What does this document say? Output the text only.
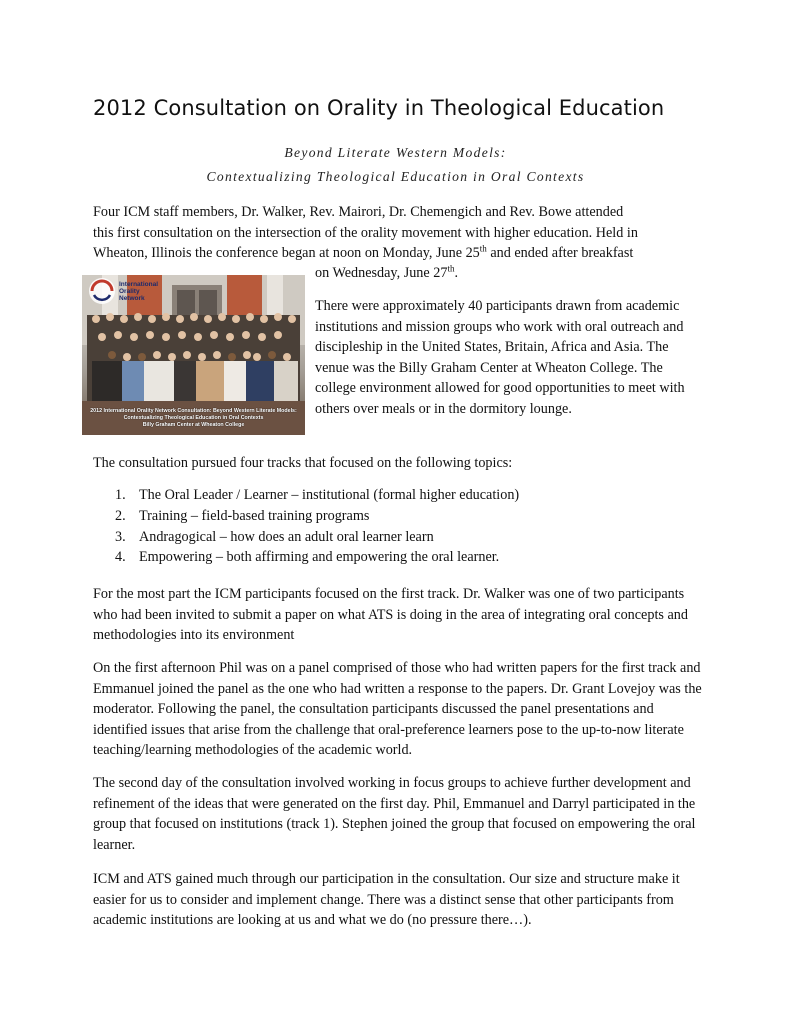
2012 Consultation on Orality in Theological Education
Beyond Literate Western Models:
Contextualizing Theological Education in Oral Contexts

Four ICM staff members, Dr. Walker, Rev. Mairori, Dr. Chemengich and Rev. Bowe attended
this first consultation on the intersection of the orality movement with higher education. Held in
Wheaton, Illinois the conference began at noon on Monday, June 25th and ended after breakfast

on Wednesday, June 27th.

International
Orality
Network
2012 International Orality Network Consultation: Beyond Western Literate Models:
Contextualizing Theological Education in Oral Contexts
Billy Graham Center at Wheaton College

There were approximately 40 participants drawn from academic institutions and mission groups who work with oral outreach and discipleship in the United States, Britain, Africa and Asia. The venue was the Billy Graham Center at Wheaton College. The college environment allowed for good opportunities to meet with others over meals or in the dormitory lounge.

The consultation pursued four tracks that focused on the following topics:

1. The Oral Leader / Learner – institutional (formal higher education)
2. Training – field-based training programs
3. Andragogical – how does an adult oral learner learn
4. Empowering – both affirming and empowering the oral learner.

For the most part the ICM participants focused on the first track. Dr. Walker was one of two participants who had been invited to submit a paper on what ATS is doing in the area of integrating oral concepts and methodologies into its environment

On the first afternoon Phil was on a panel comprised of those who had written papers for the first track and Emmanuel joined the panel as the one who had written a response to the papers. Dr. Grant Lovejoy was the moderator. Following the panel, the consultation participants discussed the panel presentations and identified issues that arise from the challenge that oral-preference learners pose to the up-to-now literate teaching/learning methodologies of the academic world.

The second day of the consultation involved working in focus groups to achieve further development and refinement of the ideas that were generated on the first day. Phil, Emmanuel and Darryl participated in the group that focused on institutions (track 1). Stephen joined the group that focused on empowering the oral learner.

ICM and ATS gained much through our participation in the consultation. Our size and structure make it easier for us to consider and implement change. There was a distinct sense that other participants from academic institutions are looking at us and what we do (no pressure there…).
